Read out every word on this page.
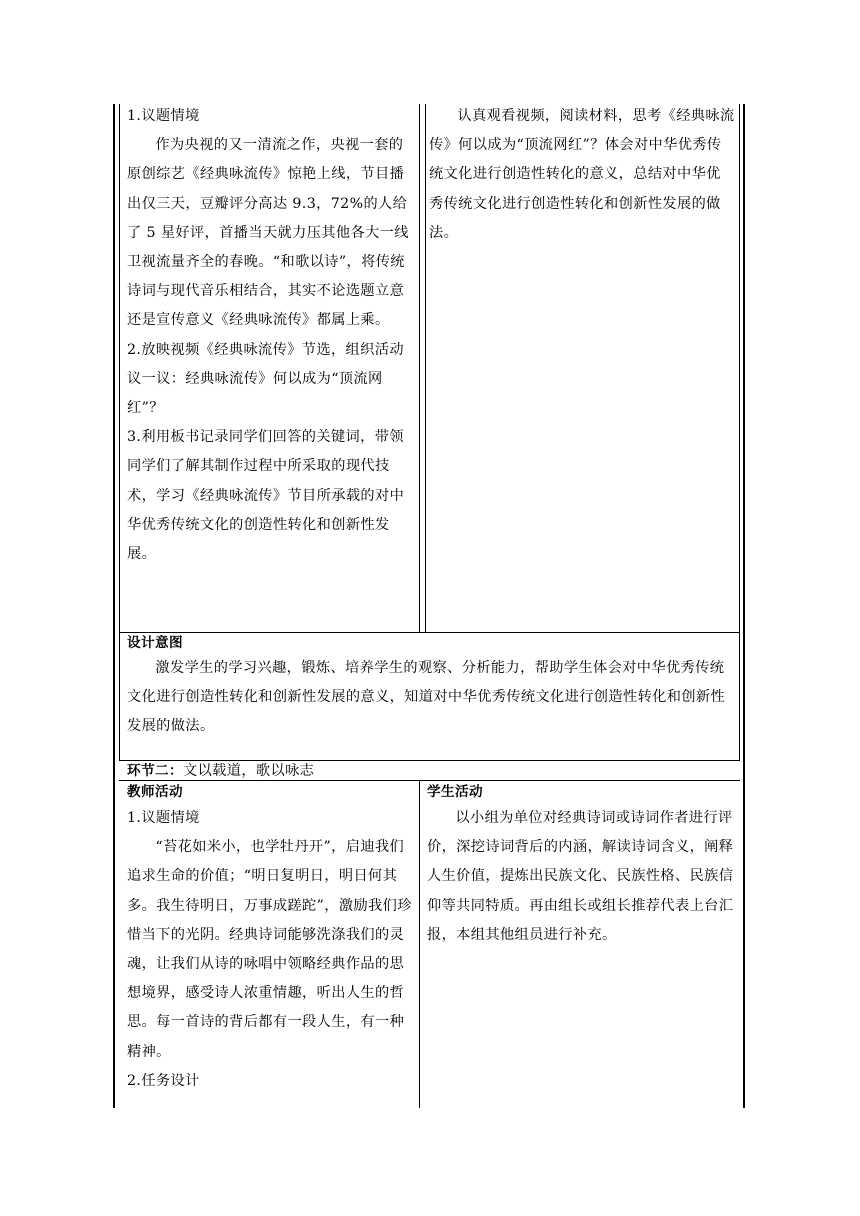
1.议题情境

作为央视的又一清流之作，央视一套的原创综艺《经典咏流传》惊艳上线，节目播出仅三天，豆瓣评分高达 9.3，72%的人给了 5 星好评，首播当天就力压其他各大一线卫视流量齐全的春晚。“和歌以诗”，将传统诗词与现代音乐相结合，其实不论选题立意还是宣传意义《经典咏流传》都属上乘。

2.放映视频《经典咏流传》节选，组织活动议一议：经典咏流传》何以成为“顶流网红”？

3.利用板书记录同学们回答的关键词，带领同学们了解其制作过程中所采取的现代技术，学习《经典咏流传》节目所承载的对中华优秀传统文化的创造性转化和创新性发展。

认真观看视频，阅读材料，思考《经典咏流传》何以成为“顶流网红”？体会对中华优秀传统文化进行创造性转化的意义，总结对中华优秀传统文化进行创造性转化和创新性发展的做法。

设计意图

激发学生的学习兴趣，锻炼、培养学生的观察、分析能力，帮助学生体会对中华优秀传统文化进行创造性转化和创新性发展的意义，知道对中华优秀传统文化进行创造性转化和创新性发展的做法。

环节二：文以载道，歌以咏志

教师活动

1.议题情境

“苔花如米小，也学牡丹开”，启迪我们追求生命的价值；“明日复明日，明日何其多。我生待明日，万事成蹉跎”，激励我们珍惜当下的光阴。经典诗词能够洗涤我们的灵魂，让我们从诗的咏唱中领略经典作品的思想境界，感受诗人浓重情趣，听出人生的哲思。每一首诗的背后都有一段人生，有一种精神。

2.任务设计

学生活动

以小组为单位对经典诗词或诗词作者进行评价，深挖诗词背后的内涵，解读诗词含义，阐释人生价值，提炼出民族文化、民族性格、民族信仰等共同特质。再由组长或组长推荐代表上台汇报，本组其他组员进行补充。
